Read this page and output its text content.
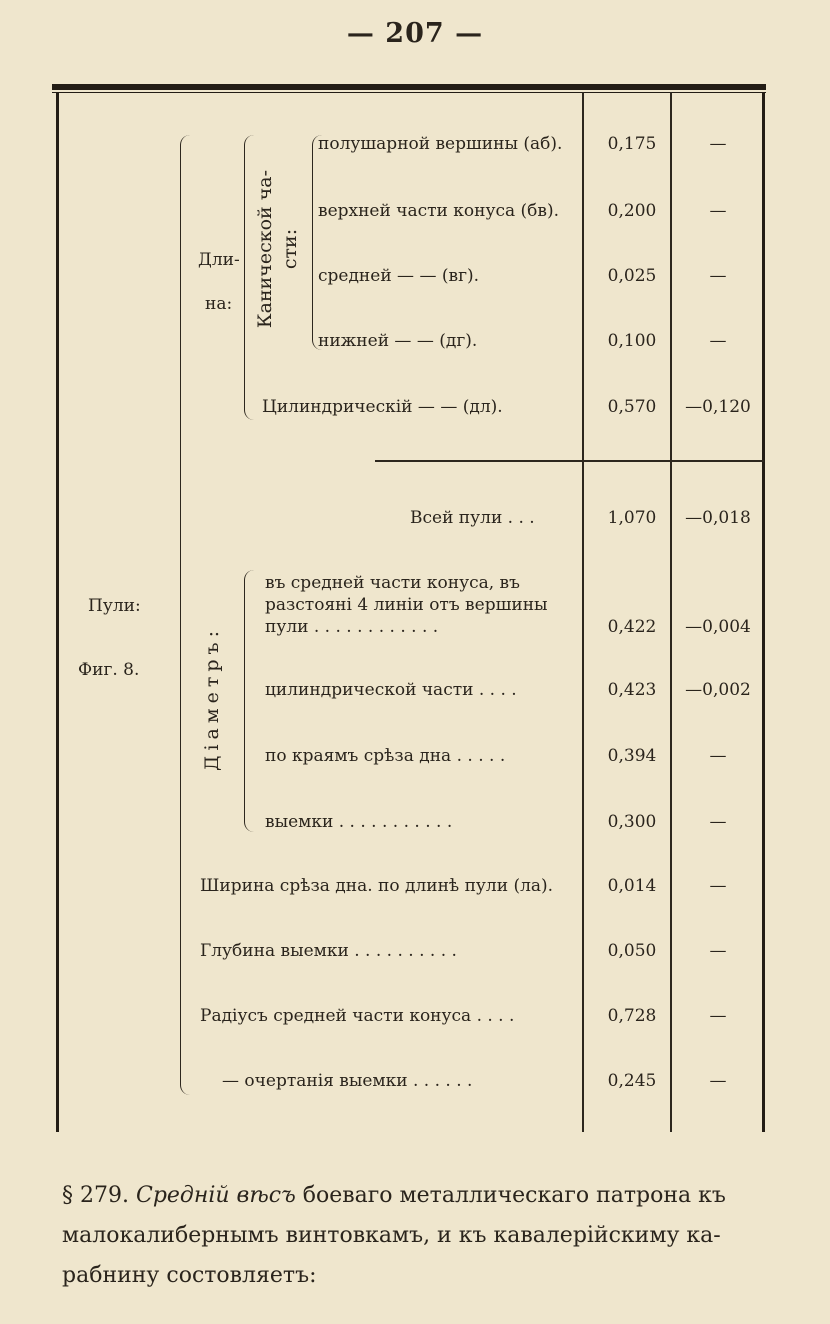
— 207 —
Пули:
Фиг. 8.
Дли-
на: Канической ча- сти:
Діаметръ:
полушарной вершины (аб).	0,175	—
верхней части конуса (бв).	0,200	—
средней — — (вг).	0,025	—
нижней — — (дг).	0,100	—
Цилиндрическій — — (дл).	0,570	—0,120
Всей пули . . .	1,070	—0,018
въ средней части конуса, въ
разстояні 4 линіи отъ вершины
пули . . . . . . . . . . . .	0,422	—0,004
цилиндрической части . . . .	0,423	—0,002
по краямъ срѣза дна . . . . .	0,394	—
выемки . . . . . . . . . . .	0,300	—
Ширина срѣза дна. по длинѣ пули (ла).	0,014	—
Глубина выемки . . . . . . . . . .	0,050	—
Радіусъ средней части конуса . . . .	0,728	—
— очертанія выемки . . . . . .	0,245	—
§ 279. Средній вѣсъ боеваго металлическаго патрона къ
малокалибернымъ винтовкамъ, и къ кавалерійскиму ка-
рабнину состовляетъ:
